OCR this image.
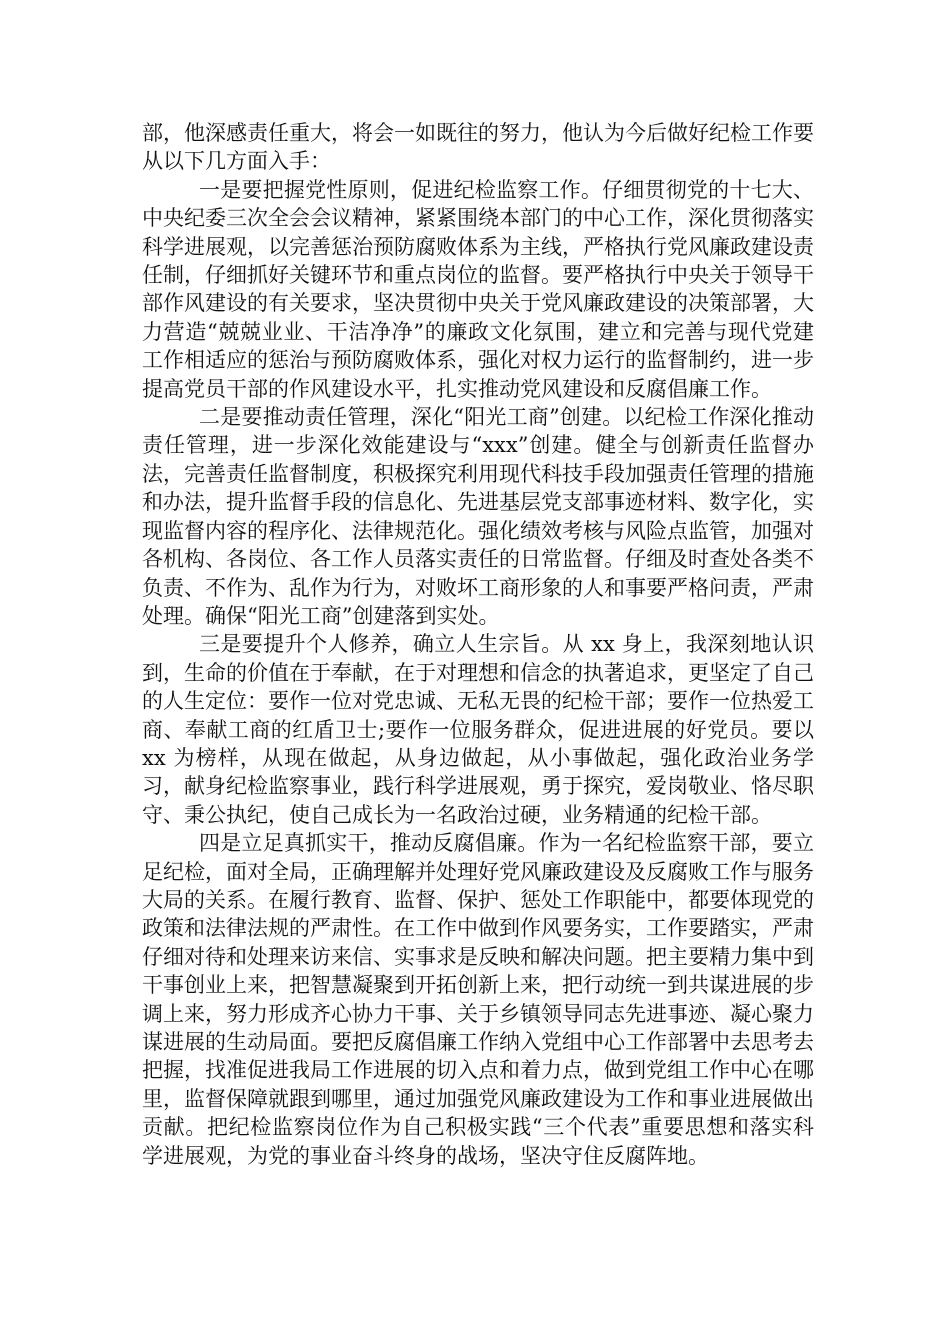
部，他深感责任重大，将会一如既往的努力，他认为今后做好纪检工作要从以下几方面入手：

一是要把握党性原则，促进纪检监察工作。仔细贯彻党的十七大、中央纪委三次全会会议精神，紧紧围绕本部门的中心工作，深化贯彻落实科学进展观，以完善惩治预防腐败体系为主线，严格执行党风廉政建设责任制，仔细抓好关键环节和重点岗位的监督。要严格执行中央关于领导干部作风建设的有关要求，坚决贯彻中央关于党风廉政建设的决策部署，大力营造“兢兢业业、干洁净净”的廉政文化氛围，建立和完善与现代党建工作相适应的惩治与预防腐败体系，强化对权力运行的监督制约，进一步提高党员干部的作风建设水平，扎实推动党风建设和反腐倡廉工作。

二是要推动责任管理，深化“阳光工商”创建。以纪检工作深化推动责任管理，进一步深化效能建设与“xxx”创建。健全与创新责任监督办法，完善责任监督制度，积极探究利用现代科技手段加强责任管理的措施和办法，提升监督手段的信息化、先进基层党支部事迹材料、数字化，实现监督内容的程序化、法律规范化。强化绩效考核与风险点监管，加强对各机构、各岗位、各工作人员落实责任的日常监督。仔细及时查处各类不负责、不作为、乱作为行为，对败坏工商形象的人和事要严格问责，严肃处理。确保“阳光工商”创建落到实处。

三是要提升个人修养，确立人生宗旨。从 xx 身上，我深刻地认识到，生命的价值在于奉献，在于对理想和信念的执著追求，更坚定了自己的人生定位：要作一位对党忠诚、无私无畏的纪检干部；要作一位热爱工商、奉献工商的红盾卫士;要作一位服务群众，促进进展的好党员。要以 xx 为榜样，从现在做起，从身边做起，从小事做起，强化政治业务学习，献身纪检监察事业，践行科学进展观，勇于探究，爱岗敬业、恪尽职守、秉公执纪，使自己成长为一名政治过硬，业务精通的纪检干部。

四是立足真抓实干，推动反腐倡廉。作为一名纪检监察干部，要立足纪检，面对全局，正确理解并处理好党风廉政建设及反腐败工作与服务大局的关系。在履行教育、监督、保护、惩处工作职能中，都要体现党的政策和法律法规的严肃性。在工作中做到作风要务实，工作要踏实，严肃仔细对待和处理来访来信、实事求是反映和解决问题。把主要精力集中到干事创业上来，把智慧凝聚到开拓创新上来，把行动统一到共谋进展的步调上来，努力形成齐心协力干事、关于乡镇领导同志先进事迹、凝心聚力谋进展的生动局面。要把反腐倡廉工作纳入党组中心工作部署中去思考去把握，找准促进我局工作进展的切入点和着力点，做到党组工作中心在哪里，监督保障就跟到哪里，通过加强党风廉政建设为工作和事业进展做出贡献。把纪检监察岗位作为自己积极实践“三个代表”重要思想和落实科学进展观，为党的事业奋斗终身的战场，坚决守住反腐阵地。
